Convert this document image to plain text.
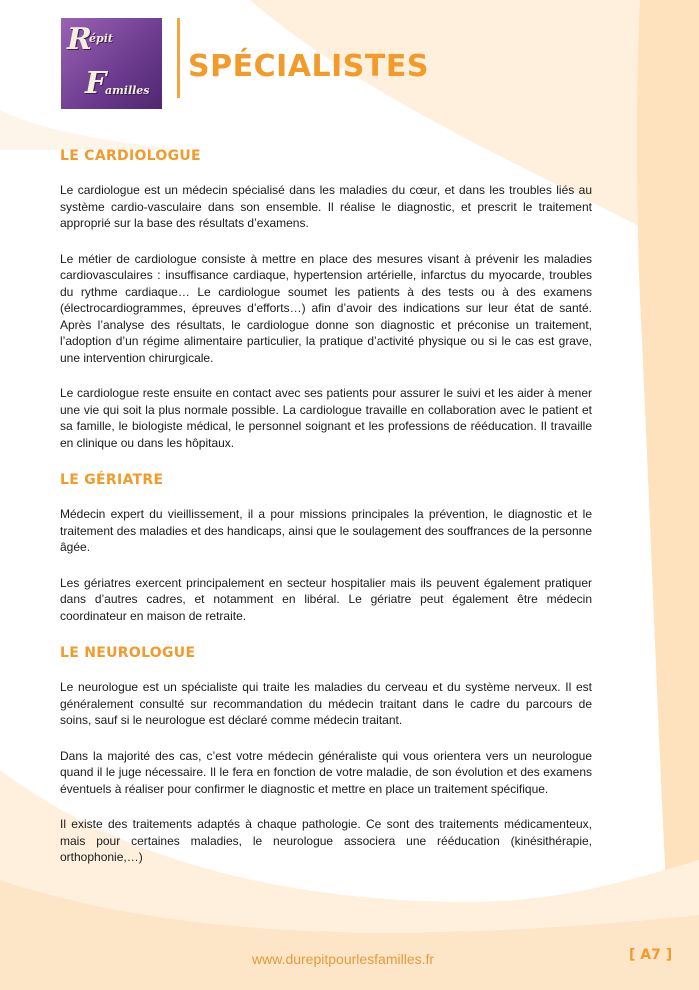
R
épit
F
amilles
SPÉCIALISTES
LE CARDIOLOGUE

Le cardiologue est un médecin spécialisé dans les maladies du cœur, et dans les troubles liés au système cardio-vasculaire dans son ensemble. Il réalise le diagnostic, et prescrit le traitement approprié sur la base des résultats d’examens.

Le métier de cardiologue consiste à mettre en place des mesures visant à prévenir les maladies cardiovasculaires : insuffisance cardiaque, hypertension artérielle, infarctus du myocarde, troubles du rythme cardiaque… Le cardiologue soumet les patients à des tests ou à des examens (électrocardiogrammes, épreuves d’efforts…) afin d’avoir des indications sur leur état de santé. Après l’analyse des résultats, le cardiologue donne son diagnostic et préconise un traitement, l’adoption d’un régime alimentaire particulier, la pratique d’activité physique ou si le cas est grave, une intervention chirurgicale.

Le cardiologue reste ensuite en contact avec ses patients pour assurer le suivi et les aider à mener une vie qui soit la plus normale possible. La cardiologue travaille en collaboration avec le patient et sa famille, le biologiste médical, le personnel soignant et les professions de rééducation. Il travaille en clinique ou dans les hôpitaux.

LE GÉRIATRE

Médecin expert du vieillissement, il a pour missions principales la prévention, le diagnostic et le traitement des maladies et des handicaps, ainsi que le soulagement des souffrances de la personne âgée.

Les gériatres exercent principalement en secteur hospitalier mais ils peuvent également pratiquer dans d’autres cadres, et notamment en libéral. Le gériatre peut également être médecin coordinateur en maison de retraite.

LE NEUROLOGUE

Le neurologue est un spécialiste qui traite les maladies du cerveau et du système nerveux. Il est généralement consulté sur recommandation du médecin traitant dans le cadre du parcours de soins, sauf si le neurologue est déclaré comme médecin traitant.

Dans la majorité des cas, c’est votre médecin généraliste qui vous orientera vers un neurologue quand il le juge nécessaire. Il le fera en fonction de votre maladie, de son évolution et des examens éventuels à réaliser pour confirmer le diagnostic et mettre en place un traitement spécifique.

Il existe des traitements adaptés à chaque pathologie. Ce sont des traitements médicamenteux, mais pour certaines maladies, le neurologue associera une rééducation (kinésithérapie, orthophonie,…)

www.durepitpourlesfamilles.fr	[ A7 ]
